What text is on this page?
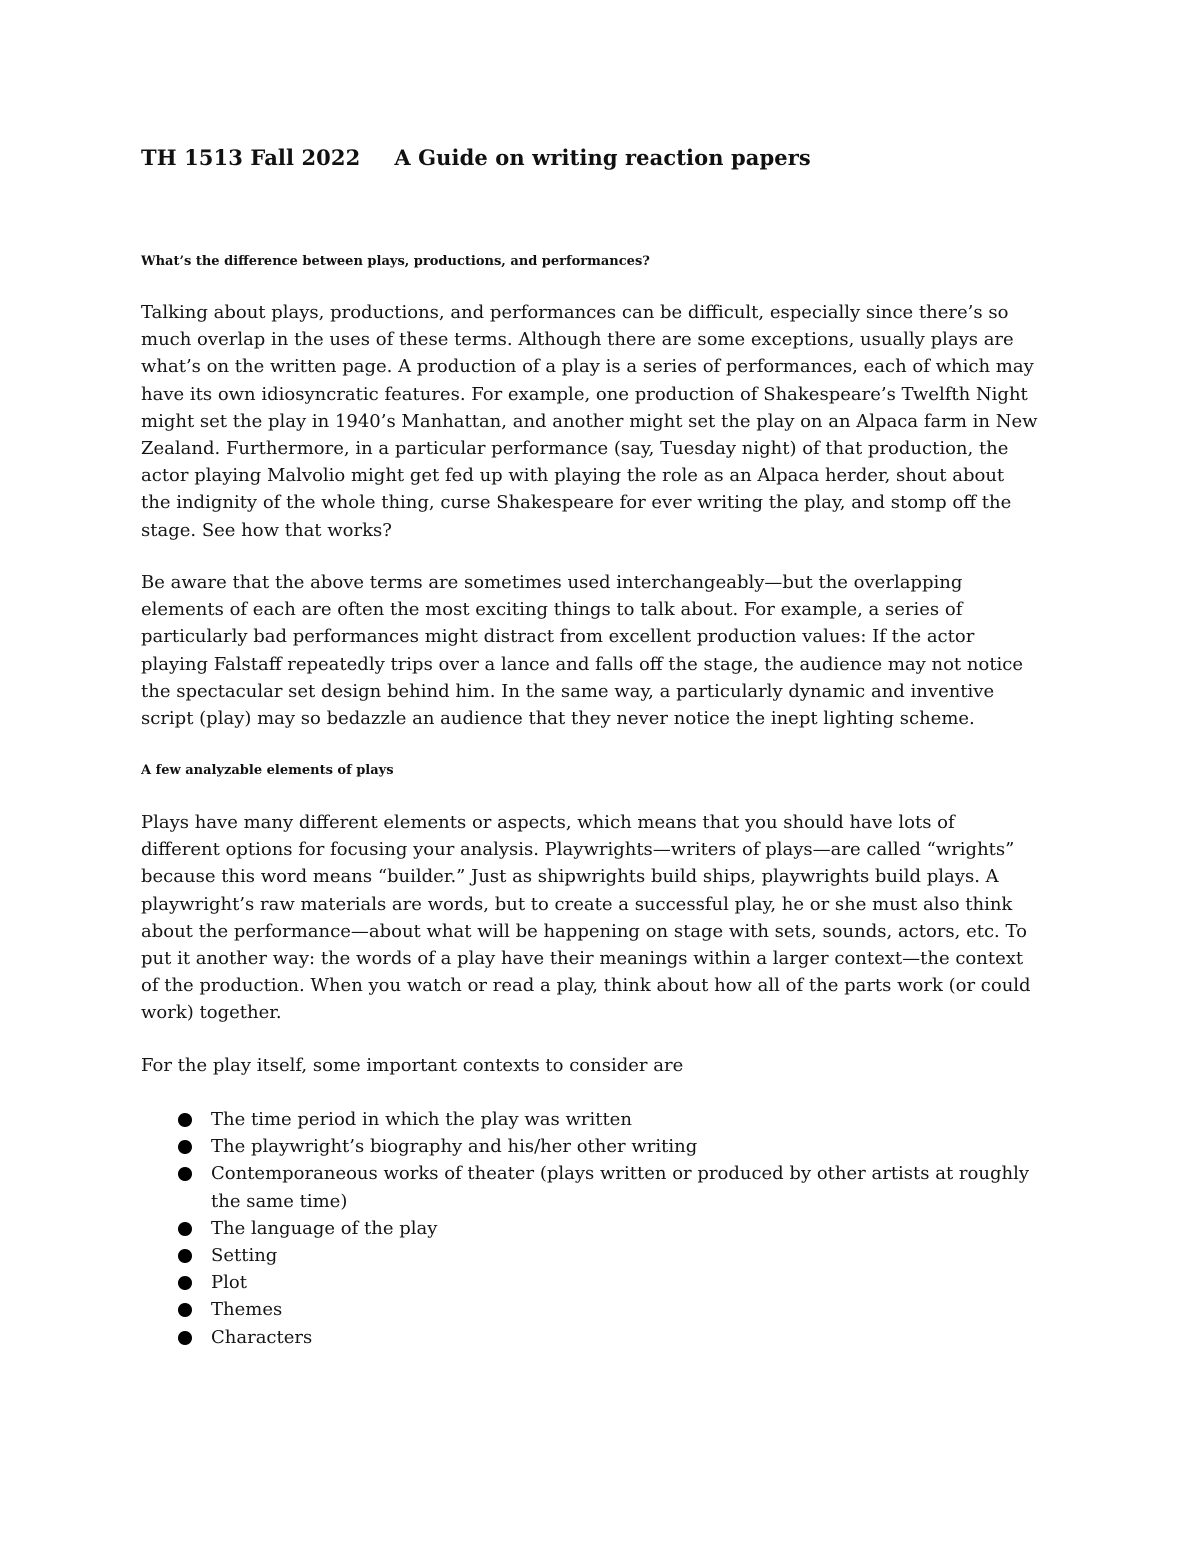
TH 1513 Fall 2022 A Guide on writing reaction papers
What’s the difference between plays, productions, and performances?

Talking about plays, productions, and performances can be difficult, especially since there’s so
much overlap in the uses of these terms. Although there are some exceptions, usually plays are
what’s on the written page. A production of a play is a series of performances, each of which may
have its own idiosyncratic features. For example, one production of Shakespeare’s Twelfth Night
might set the play in 1940’s Manhattan, and another might set the play on an Alpaca farm in New
Zealand. Furthermore, in a particular performance (say, Tuesday night) of that production, the
actor playing Malvolio might get fed up with playing the role as an Alpaca herder, shout about
the indignity of the whole thing, curse Shakespeare for ever writing the play, and stomp off the
stage. See how that works?

Be aware that the above terms are sometimes used interchangeably—but the overlapping
elements of each are often the most exciting things to talk about. For example, a series of
particularly bad performances might distract from excellent production values: If the actor
playing Falstaff repeatedly trips over a lance and falls off the stage, the audience may not notice
the spectacular set design behind him. In the same way, a particularly dynamic and inventive
script (play) may so bedazzle an audience that they never notice the inept lighting scheme.

A few analyzable elements of plays

Plays have many different elements or aspects, which means that you should have lots of
different options for focusing your analysis. Playwrights—writers of plays—are called “wrights”
because this word means “builder.” Just as shipwrights build ships, playwrights build plays. A
playwright’s raw materials are words, but to create a successful play, he or she must also think
about the performance—about what will be happening on stage with sets, sounds, actors, etc. To
put it another way: the words of a play have their meanings within a larger context—the context
of the production. When you watch or read a play, think about how all of the parts work (or could
work) together.

For the play itself, some important contexts to consider are

The time period in which the play was written
The playwright’s biography and his/her other writing
Contemporaneous works of theater (plays written or produced by other artists at roughly
the same time)
The language of the play
Setting
Plot
Themes
Characters
